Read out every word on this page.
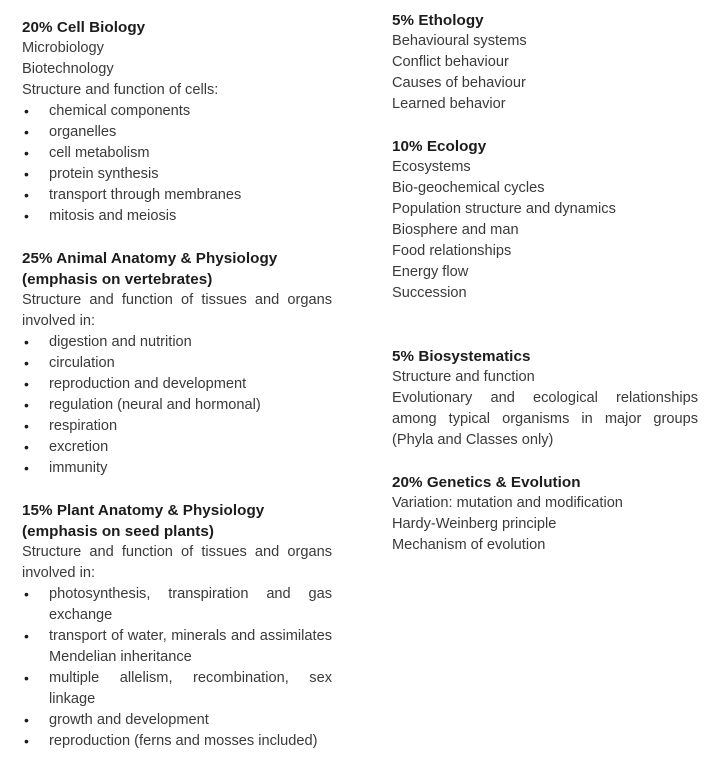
20% Cell Biology
Microbiology
Biotechnology
Structure and function of cells:
• chemical components
• organelles
• cell metabolism
• protein synthesis
• transport through membranes
• mitosis and meiosis
25% Animal Anatomy & Physiology (emphasis on vertebrates)
Structure and function of tissues and organs involved in:
• digestion and nutrition
• circulation
• reproduction and development
• regulation (neural and hormonal)
• respiration
• excretion
• immunity
15% Plant Anatomy & Physiology (emphasis on seed plants)
Structure and function of tissues and organs involved in:
• photosynthesis, transpiration and gas exchange
• transport of water, minerals and assimilates Mendelian inheritance
• multiple allelism, recombination, sex linkage
• growth and development
• reproduction (ferns and mosses included)
5% Ethology
Behavioural systems
Conflict behaviour
Causes of behaviour
Learned behavior
10% Ecology
Ecosystems
Bio-geochemical cycles
Population structure and dynamics
Biosphere and man
Food relationships
Energy flow
Succession
5% Biosystematics
Structure and function
Evolutionary and ecological relationships among typical organisms in major groups (Phyla and Classes only)
20% Genetics & Evolution
Variation: mutation and modification
Hardy-Weinberg principle
Mechanism of evolution
